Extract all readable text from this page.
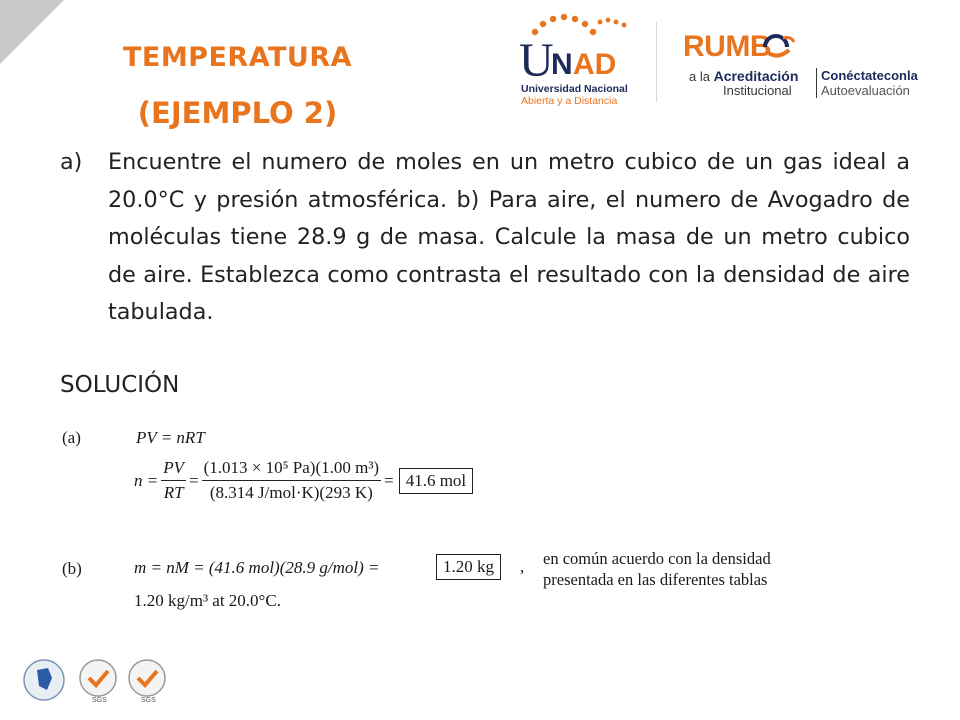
TEMPERATURA
(EJEMPLO 2)
U
N AD
Universidad Nacional
Abierta y a Distancia
RUMB
a la Acreditación
Institucional
Conéctateconla
Autoevaluación
a)	Encuentre el numero de moles en un metro cubico de un gas ideal a 20.0°C y presión atmosférica. b) Para aire, el numero de Avogadro de moléculas tiene 28.9 g de masa. Calcule la masa de un metro cubico de aire. Establezca como contrasta el resultado con la densidad de aire tabulada.
SOLUCIÓN
(a)	PV = nRT
$n = \frac{PV}{RT} = \frac{\text{(1.013 × 10⁵ Pa)(1.00 m³)}}{\text{(8.314 J/mol·K)(293 K)}} = 41.6$ mol
(b)	m = nM = (41.6 mol)(28.9 g/mol) =	1.20 kg	,
1.20 kg/m³ at 20.0°C.
en común acuerdo con la densidad
presentada en las diferentes tablas
SGS	SGS
